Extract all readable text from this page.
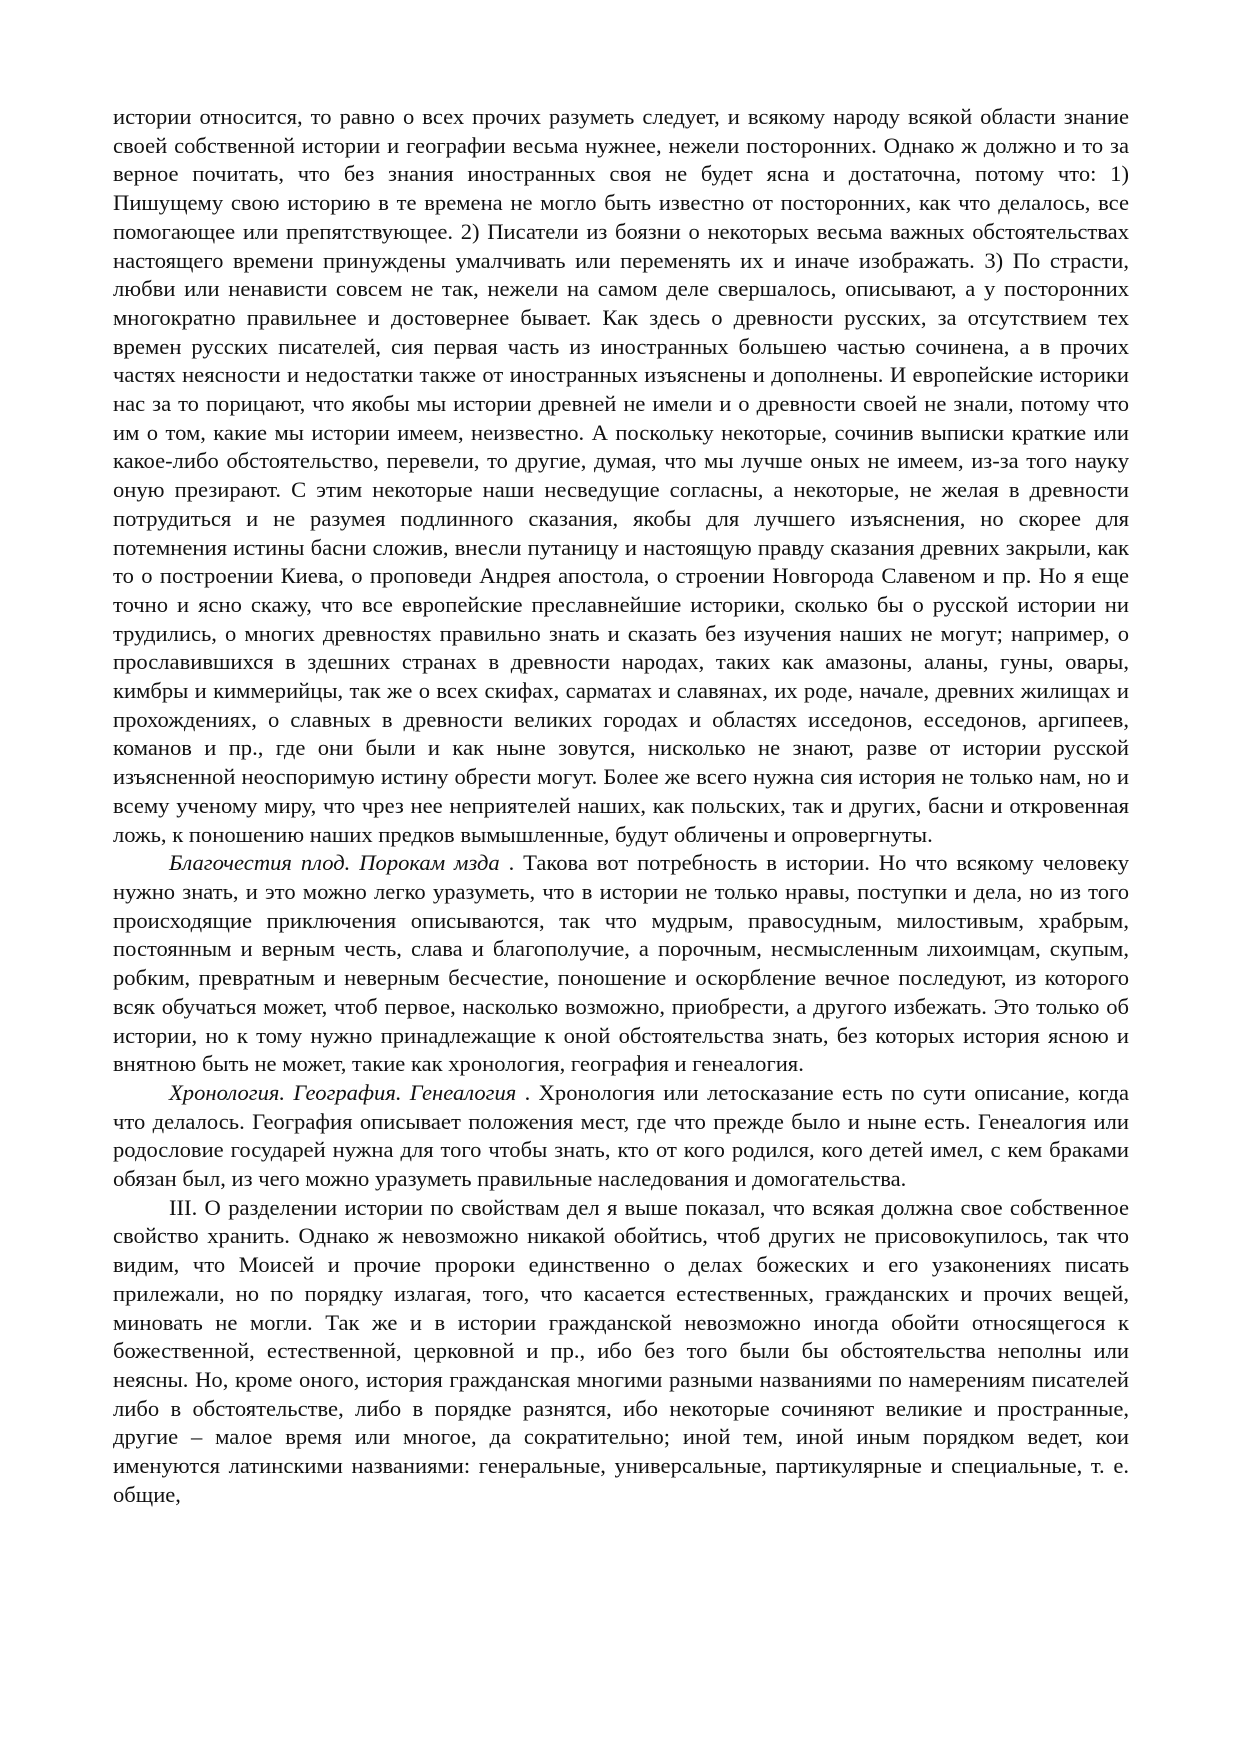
истории относится, то равно о всех прочих разуметь следует, и всякому народу всякой области знание своей собственной истории и географии весьма нужнее, нежели посторонних. Однако ж должно и то за верное почитать, что без знания иностранных своя не будет ясна и достаточна, потому что: 1) Пишущему свою историю в те времена не могло быть известно от посторонних, как что делалось, все помогающее или препятствующее. 2) Писатели из боязни о некоторых весьма важных обстоятельствах настоящего времени принуждены умалчивать или переменять их и иначе изображать. 3) По страсти, любви или ненависти совсем не так, нежели на самом деле свершалось, описывают, а у посторонних многократно правильнее и достовернее бывает. Как здесь о древности русских, за отсутствием тех времен русских писателей, сия первая часть из иностранных большею частью сочинена, а в прочих частях неясности и недостатки также от иностранных изъяснены и дополнены. И европейские историки нас за то порицают, что якобы мы истории древней не имели и о древности своей не знали, потому что им о том, какие мы истории имеем, неизвестно. А поскольку некоторые, сочинив выписки краткие или какое-либо обстоятельство, перевели, то другие, думая, что мы лучше оных не имеем, из-за того науку оную презирают. С этим некоторые наши несведущие согласны, а некоторые, не желая в древности потрудиться и не разумея подлинного сказания, якобы для лучшего изъяснения, но скорее для потемнения истины басни сложив, внесли путаницу и настоящую правду сказания древних закрыли, как то о построении Киева, о проповеди Андрея апостола, о строении Новгорода Славеном и пр. Но я еще точно и ясно скажу, что все европейские преславнейшие историки, сколько бы о русской истории ни трудились, о многих древностях правильно знать и сказать без изучения наших не могут; например, о прославившихся в здешних странах в древности народах, таких как амазоны, аланы, гуны, овары, кимбры и киммерийцы, так же о всех скифах, сарматах и славянах, их роде, начале, древних жилищах и прохождениях, о славных в древности великих городах и областях исседонов, есседонов, аргипеев, команов и пр., где они были и как ныне зовутся, нисколько не знают, разве от истории русской изъясненной неоспоримую истину обрести могут. Более же всего нужна сия история не только нам, но и всему ученому миру, что чрез нее неприятелей наших, как польских, так и других, басни и откровенная ложь, к поношению наших предков вымышленные, будут обличены и опровергнуты.

Благочестия плод. Порокам мзда . Такова вот потребность в истории. Но что всякому человеку нужно знать, и это можно легко уразуметь, что в истории не только нравы, поступки и дела, но из того происходящие приключения описываются, так что мудрым, правосудным, милостивым, храбрым, постоянным и верным честь, слава и благополучие, а порочным, несмысленным лихоимцам, скупым, робким, превратным и неверным бесчестие, поношение и оскорбление вечное последуют, из которого всяк обучаться может, чтоб первое, насколько возможно, приобрести, а другого избежать. Это только об истории, но к тому нужно принадлежащие к оной обстоятельства знать, без которых история ясною и внятною быть не может, такие как хронология, география и генеалогия.

Хронология. География. Генеалогия . Хронология или летосказание есть по сути описание, когда что делалось. География описывает положения мест, где что прежде было и ныне есть. Генеалогия или родословие государей нужна для того чтобы знать, кто от кого родился, кого детей имел, с кем браками обязан был, из чего можно уразуметь правильные наследования и домогательства.

III. О разделении истории по свойствам дел я выше показал, что всякая должна свое собственное свойство хранить. Однако ж невозможно никакой обойтись, чтоб других не присовокупилось, так что видим, что Моисей и прочие пророки единственно о делах божеских и его узаконениях писать прилежали, но по порядку излагая, того, что касается естественных, гражданских и прочих вещей, миновать не могли. Так же и в истории гражданской невозможно иногда обойти относящегося к божественной, естественной, церковной и пр., ибо без того были бы обстоятельства неполны или неясны. Но, кроме оного, история гражданская многими разными названиями по намерениям писателей либо в обстоятельстве, либо в порядке разнятся, ибо некоторые сочиняют великие и пространные, другие – малое время или многое, да сократительно; иной тем, иной иным порядком ведет, кои именуются латинскими названиями: генеральные, универсальные, партикулярные и специальные, т. е. общие,
